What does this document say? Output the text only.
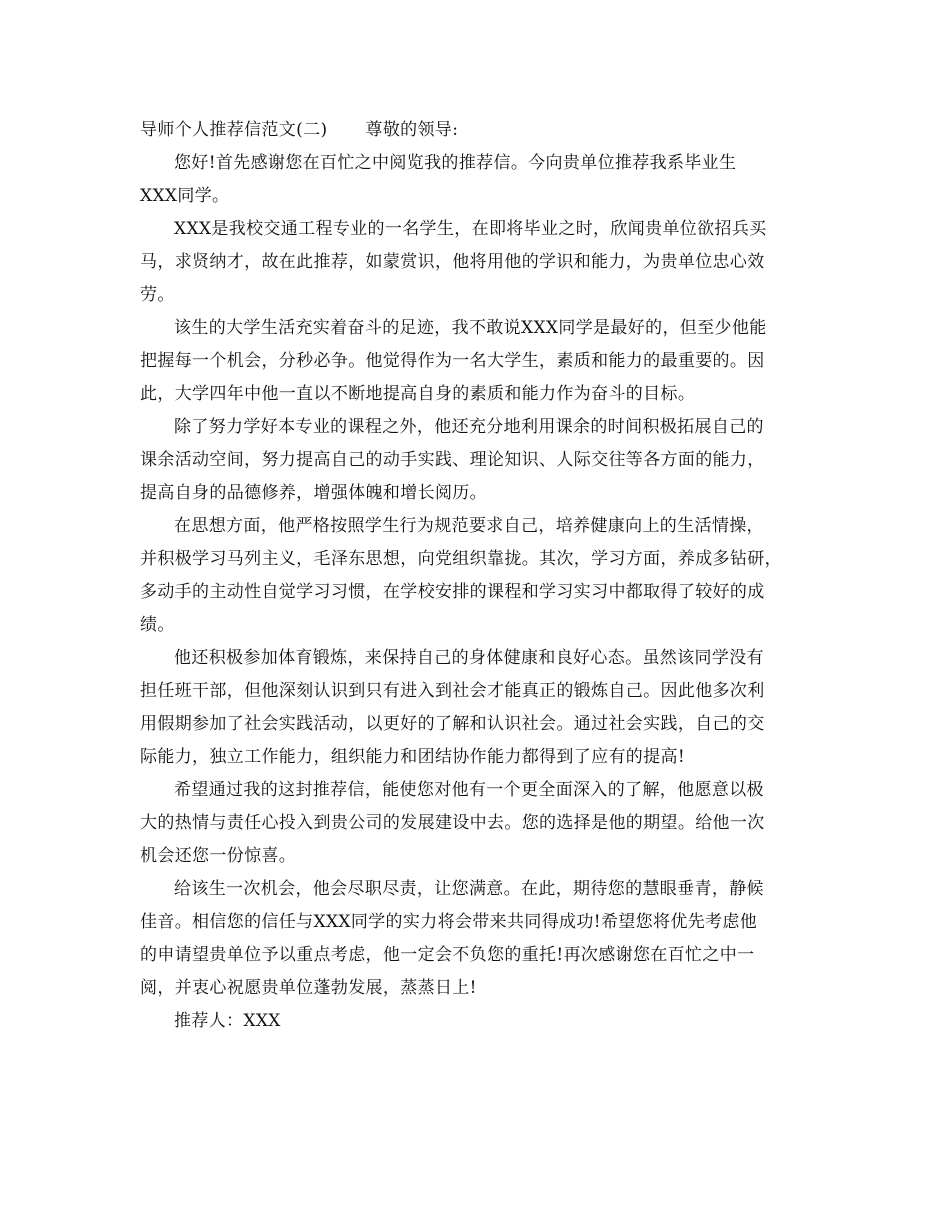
导师个人推荐信范文(二) 尊敬的领导:
您好!首先感谢您在百忙之中阅览我的推荐信。今向贵单位推荐我系毕业生
XXX同学。
XXX是我校交通工程专业的一名学生，在即将毕业之时，欣闻贵单位欲招兵买
马，求贤纳才，故在此推荐，如蒙赏识，他将用他的学识和能力，为贵单位忠心效
劳。
该生的大学生活充实着奋斗的足迹，我不敢说XXX同学是最好的，但至少他能
把握每一个机会，分秒必争。他觉得作为一名大学生，素质和能力的最重要的。因
此，大学四年中他一直以不断地提高自身的素质和能力作为奋斗的目标。
除了努力学好本专业的课程之外，他还充分地利用课余的时间积极拓展自己的
课余活动空间，努力提高自己的动手实践、理论知识、人际交往等各方面的能力，
提高自身的品德修养，增强体魄和增长阅历。
在思想方面，他严格按照学生行为规范要求自己，培养健康向上的生活情操，
并积极学习马列主义，毛泽东思想，向党组织靠拢。其次，学习方面，养成多钻研，
多动手的主动性自觉学习习惯，在学校安排的课程和学习实习中都取得了较好的成
绩。
他还积极参加体育锻炼，来保持自己的身体健康和良好心态。虽然该同学没有
担任班干部，但他深刻认识到只有进入到社会才能真正的锻炼自己。因此他多次利
用假期参加了社会实践活动，以更好的了解和认识社会。通过社会实践，自己的交
际能力，独立工作能力，组织能力和团结协作能力都得到了应有的提高!
希望通过我的这封推荐信，能使您对他有一个更全面深入的了解，他愿意以极
大的热情与责任心投入到贵公司的发展建设中去。您的选择是他的期望。给他一次
机会还您一份惊喜。
给该生一次机会，他会尽职尽责，让您满意。在此，期待您的慧眼垂青，静候
佳音。相信您的信任与XXX同学的实力将会带来共同得成功!希望您将优先考虑他
的申请望贵单位予以重点考虑，他一定会不负您的重托!再次感谢您在百忙之中一
阅，并衷心祝愿贵单位蓬勃发展，蒸蒸日上!
推荐人：XXX
